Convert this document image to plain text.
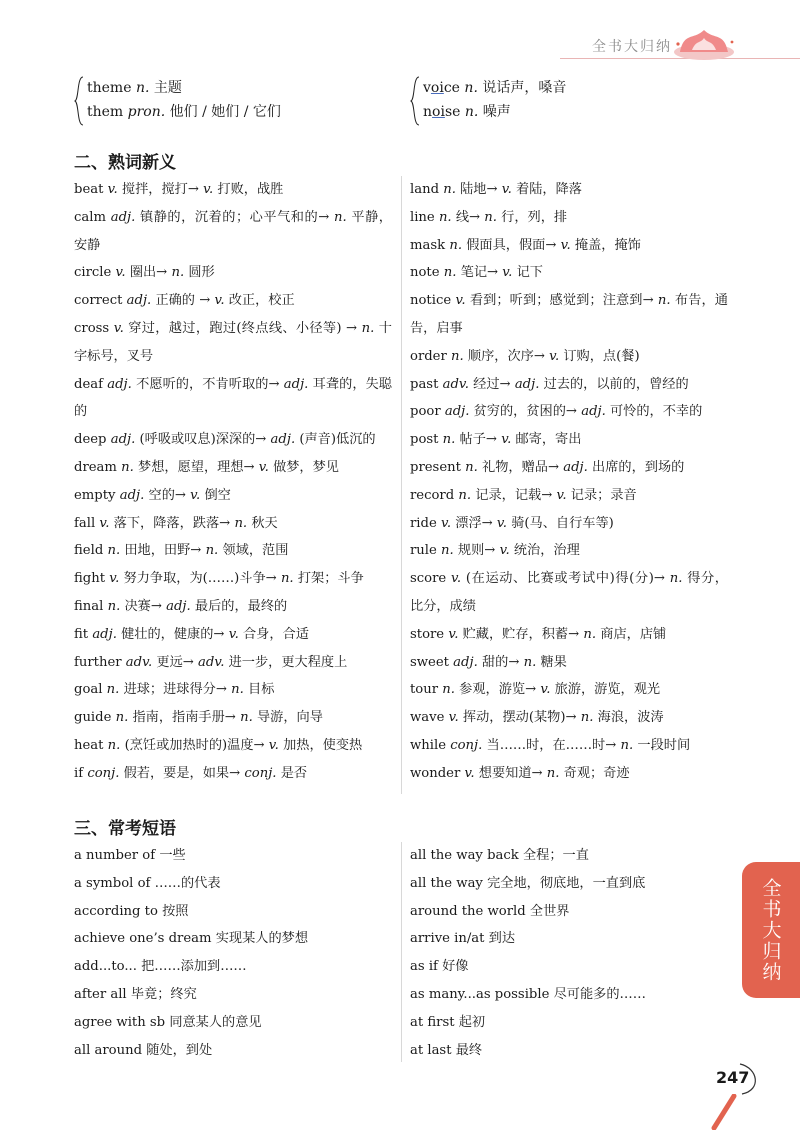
全书大归纳
theme n. 主题
them pron. 他们 / 她们 / 它们
voice n. 说话声，嗓音
noise n. 噪声
二、熟词新义
beat v. 搅拌，搅打→ v. 打败，战胜
calm adj. 镇静的，沉着的；心平气和的→ n. 平静，安静
circle v. 圈出→ n. 圆形
correct adj. 正确的 → v. 改正，校正
cross v. 穿过，越过，跑过(终点线、小径等) → n. 十字标号，叉号
deaf adj. 不愿听的，不肯听取的→ adj. 耳聋的，失聪的
deep adj. (呼吸或叹息)深深的→ adj. (声音)低沉的
dream n. 梦想，愿望，理想→ v. 做梦，梦见
empty adj. 空的→ v. 倒空
fall v. 落下，降落，跌落→ n. 秋天
field n. 田地，田野→ n. 领域，范围
fight v. 努力争取，为(……)斗争→ n. 打架；斗争
final n. 决赛→ adj. 最后的，最终的
fit adj. 健壮的，健康的→ v. 合身，合适
further adv. 更远→ adv. 进一步，更大程度上
goal n. 进球；进球得分→ n. 目标
guide n. 指南，指南手册→ n. 导游，向导
heat n. (烹饪或加热时的)温度→ v. 加热，使变热
if conj. 假若，要是，如果→ conj. 是否
land n. 陆地→ v. 着陆，降落
line n. 线→ n. 行，列，排
mask n. 假面具，假面→ v. 掩盖，掩饰
note n. 笔记→ v. 记下
notice v. 看到；听到；感觉到；注意到→ n. 布告，通告，启事
order n. 顺序，次序→ v. 订购，点(餐)
past adv. 经过→ adj. 过去的，以前的，曾经的
poor adj. 贫穷的，贫困的→ adj. 可怜的，不幸的
post n. 帖子→ v. 邮寄，寄出
present n. 礼物，赠品→ adj. 出席的，到场的
record n. 记录，记载→ v. 记录；录音
ride v. 漂浮→ v. 骑(马、自行车等)
rule n. 规则→ v. 统治，治理
score v. (在运动、比赛或考试中)得(分)→ n. 得分，比分，成绩
store v. 贮藏，贮存，积蓄→ n. 商店，店铺
sweet adj. 甜的→ n. 糖果
tour n. 参观，游览→ v. 旅游，游览，观光
wave v. 挥动，摆动(某物)→ n. 海浪，波涛
while conj. 当……时，在……时→ n. 一段时间
wonder v. 想要知道→ n. 奇观；奇迹
三、常考短语
a number of 一些
a symbol of ……的代表
according to 按照
achieve one’s dream 实现某人的梦想
add...to... 把……添加到……
after all 毕竟；终究
agree with sb 同意某人的意见
all around 随处，到处
all the way back 全程；一直
all the way 完全地，彻底地，一直到底
around the world 全世界
arrive in/at 到达
as if 好像
as many...as possible 尽可能多的……
at first 起初
at last 最终
全书大归纳
247
